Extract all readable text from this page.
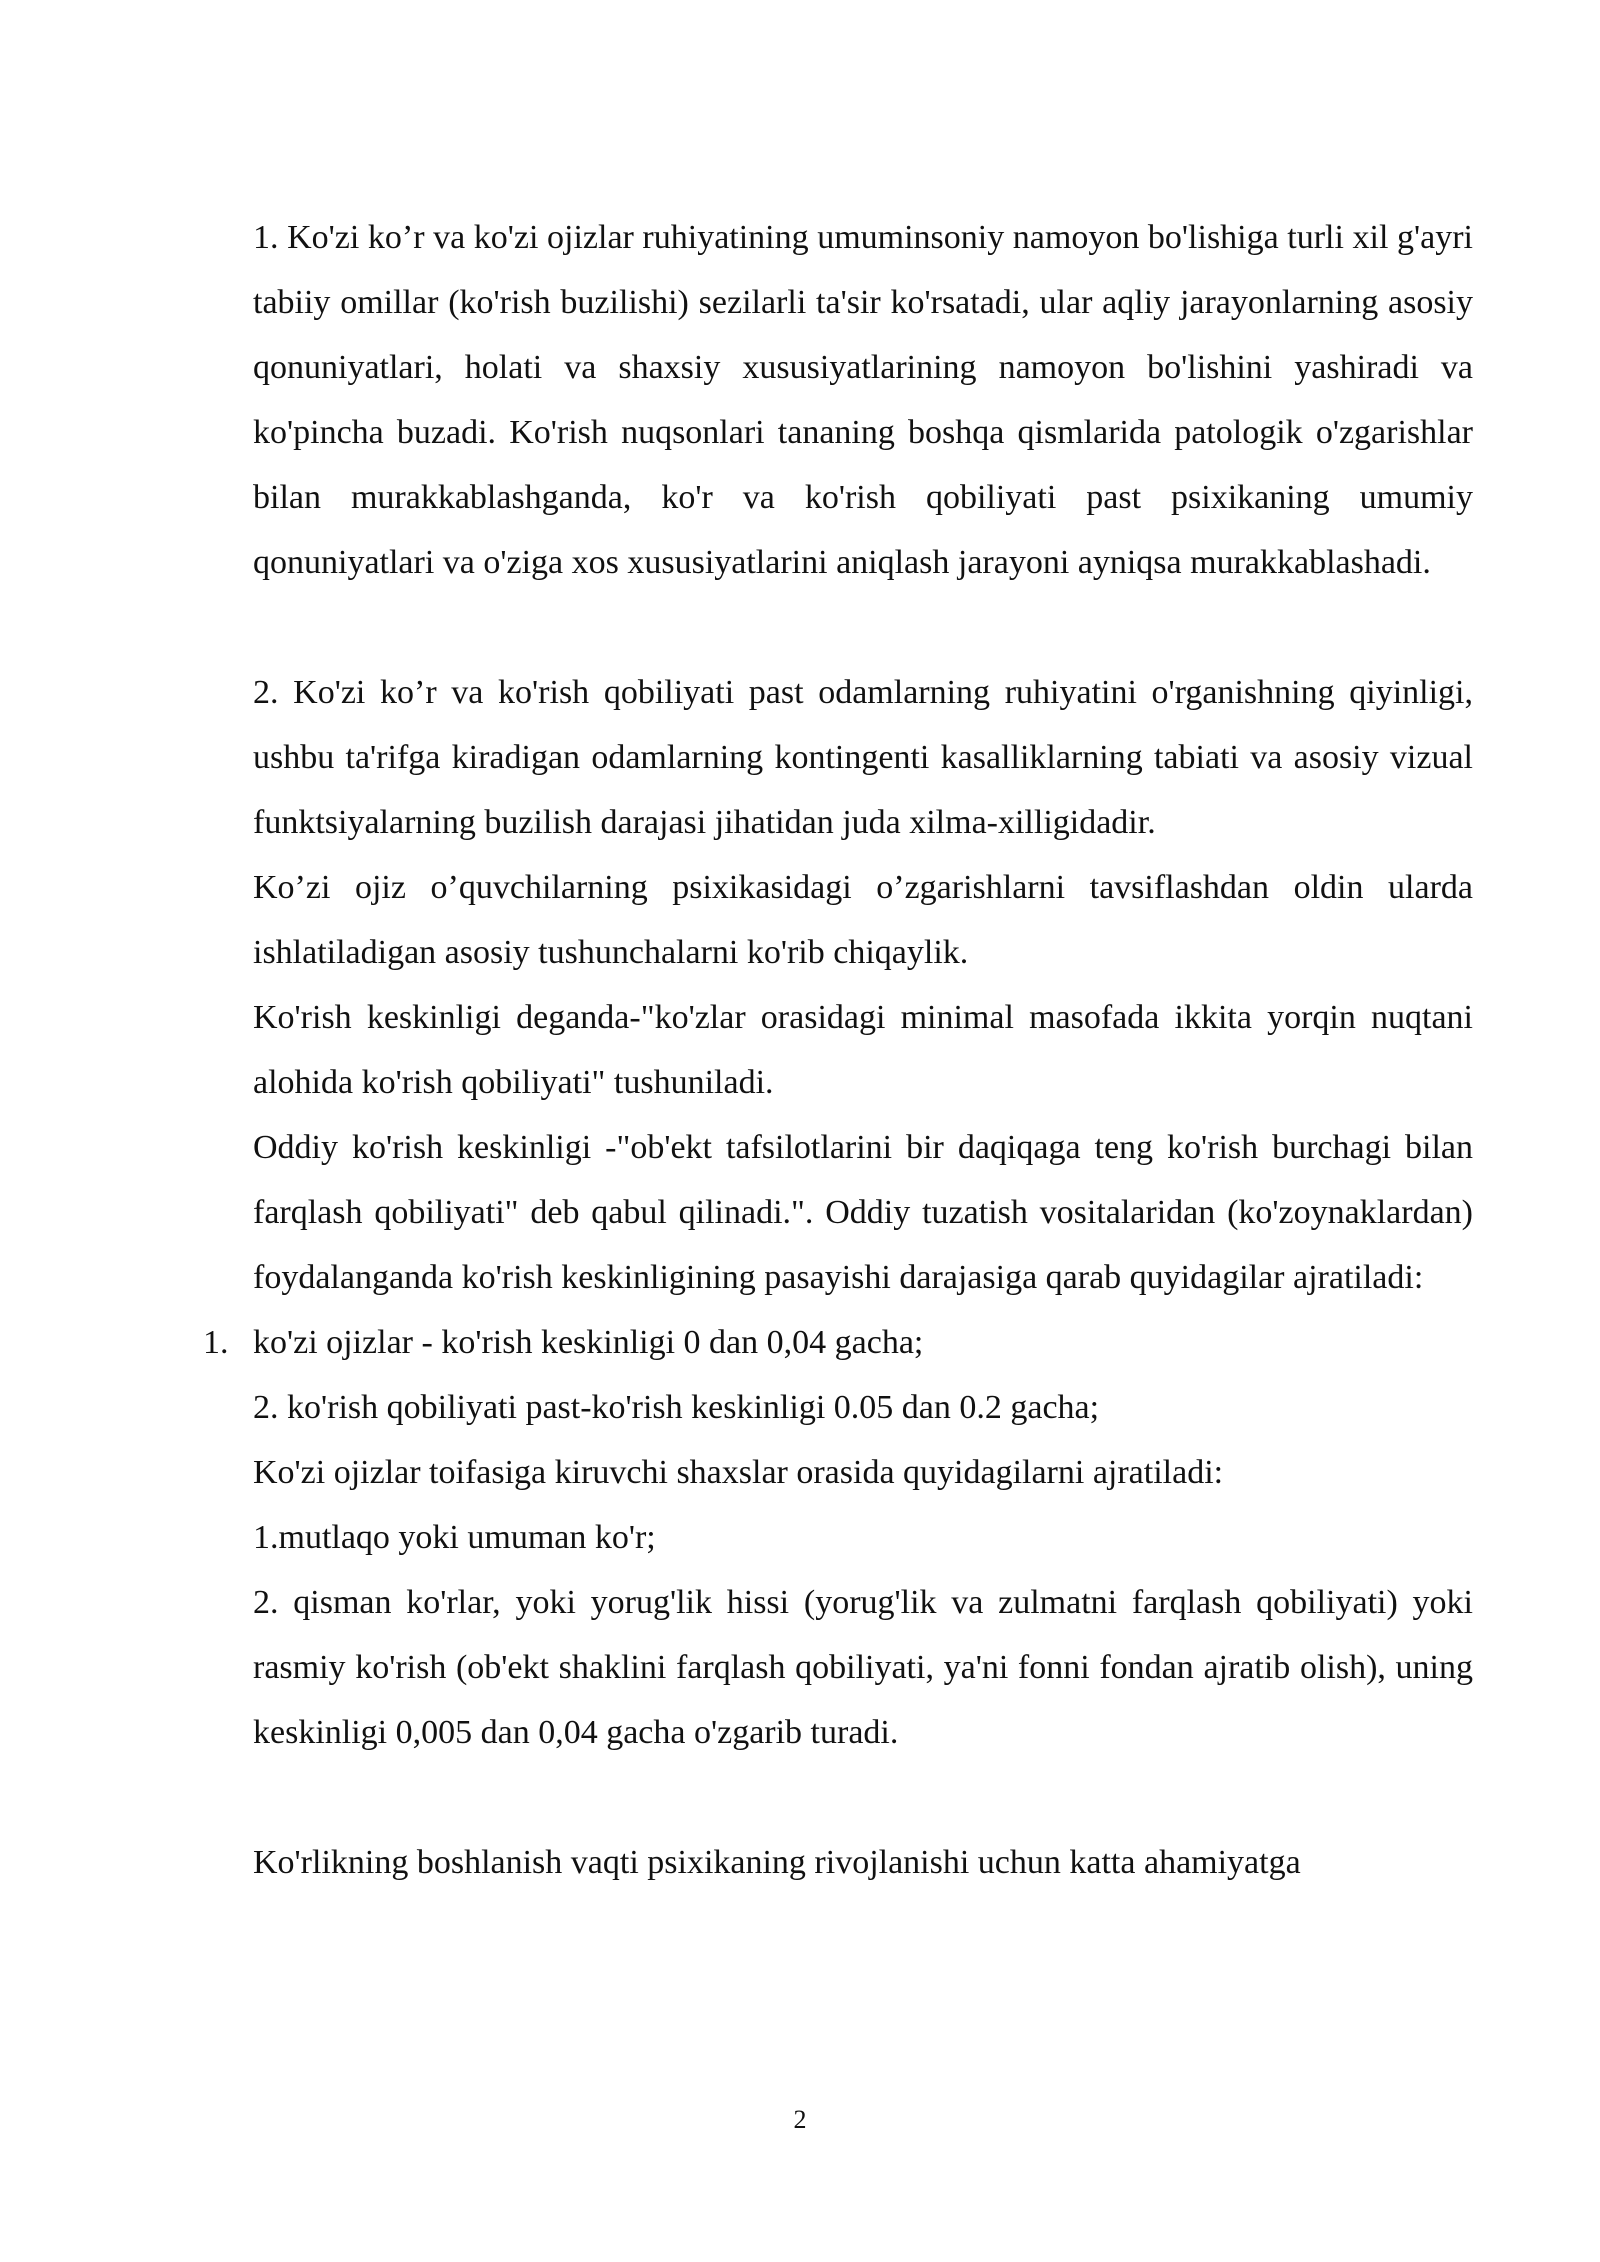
1. Ko'zi ko’r va ko'zi ojizlar ruhiyatining umuminsoniy namoyon bo'lishiga turli xil g'ayri tabiiy omillar (ko'rish buzilishi) sezilarli ta'sir ko'rsatadi, ular aqliy jarayonlarning asosiy qonuniyatlari, holati va shaxsiy xususiyatlarining namoyon bo'lishini yashiradi va ko'pincha buzadi. Ko'rish nuqsonlari tananing boshqa qismlarida patologik o'zgarishlar bilan murakkablashganda, ko'r va ko'rish qobiliyati past psixikaning umumiy qonuniyatlari va o'ziga xos xususiyatlarini aniqlash jarayoni ayniqsa murakkablashadi.

2. Ko'zi ko’r va ko'rish qobiliyati past odamlarning ruhiyatini o'rganishning qiyinligi, ushbu ta'rifga kiradigan odamlarning kontingenti kasalliklarning tabiati va asosiy vizual funktsiyalarning buzilish darajasi jihatidan juda xilma-xilligidadir.

Ko’zi ojiz o’quvchilarning psixikasidagi o’zgarishlarni tavsiflashdan oldin ularda ishlatiladigan asosiy tushunchalarni ko'rib chiqaylik.

Ko'rish keskinligi deganda-"ko'zlar orasidagi minimal masofada ikkita yorqin nuqtani alohida ko'rish qobiliyati" tushuniladi.

Oddiy ko'rish keskinligi -"ob'ekt tafsilotlarini bir daqiqaga teng ko'rish burchagi bilan farqlash qobiliyati" deb qabul qilinadi.". Oddiy tuzatish vositalaridan (ko'zoynaklardan) foydalanganda ko'rish keskinligining pasayishi darajasiga qarab quyidagilar ajratiladi:

1. ko'zi ojizlar - ko'rish keskinligi 0 dan 0,04 gacha;

2. ko'rish qobiliyati past-ko'rish keskinligi 0.05 dan 0.2 gacha;

Ko'zi ojizlar toifasiga kiruvchi shaxslar orasida quyidagilarni ajratiladi:

1.mutlaqo yoki umuman ko'r;

2. qisman ko'rlar, yoki yorug'lik hissi (yorug'lik va zulmatni farqlash qobiliyati) yoki rasmiy ko'rish (ob'ekt shaklini farqlash qobiliyati, ya'ni fonni fondan ajratib olish), uning keskinligi 0,005 dan 0,04 gacha o'zgarib turadi.

Ko'rlikning boshlanish vaqti psixikaning rivojlanishi uchun katta ahamiyatga

2
